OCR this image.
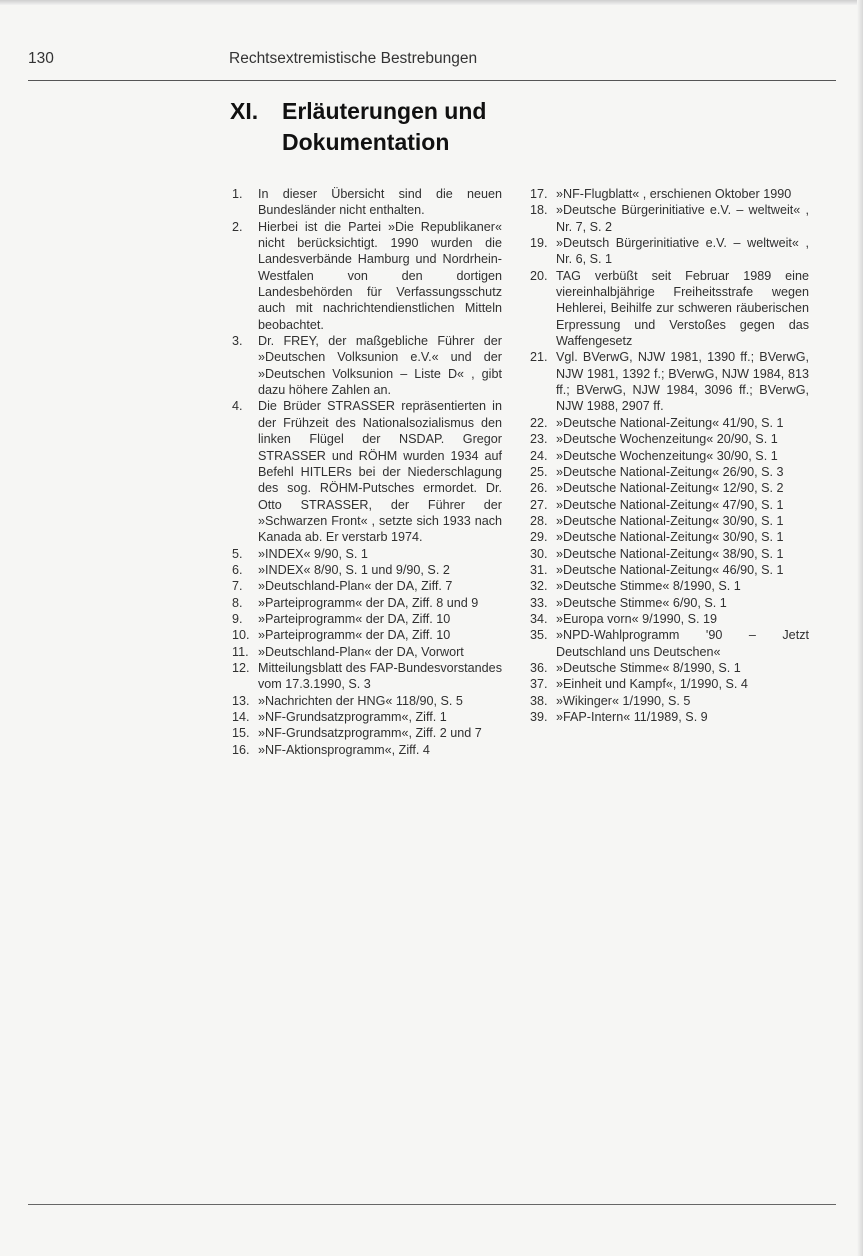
130	Rechtsextremistische Bestrebungen
XI. Erläuterungen und
Dokumentation
1 .	In dieser Übersicht sind die neuen Bundesländer nicht enthalten.
2 .	Hierbei ist die Partei »Die Republikaner« nicht berücksichtigt. 1990 wurden die Landesverbände Hamburg und Nordrhein-Westfalen von den dortigen Landesbehörden für Verfassungsschutz auch mit nachrichtendienstlichen Mitteln beobachtet.
3 .	Dr. FREY, der maßgebliche Führer der »Deutschen Volksunion e.V.« und der »Deutschen Volksunion – Liste D« , gibt dazu höhere Zahlen an.
4 .	Die Brüder STRASSER repräsentierten in der Frühzeit des Nationalsozialismus den linken Flügel der NSDAP. Gregor STRASSER und RÖHM wurden 1934 auf Befehl HITLERs bei der Niederschlagung des sog. RÖHM-Putsches ermordet. Dr. Otto STRASSER, der Führer der »Schwarzen Front« , setzte sich 1933 nach Kanada ab. Er verstarb 1974.
5 .	»INDEX« 9/90, S. 1
6 .	»INDEX« 8/90, S. 1 und 9/90, S. 2
7 .	»Deutschland-Plan« der DA, Ziff. 7
8 .	»Parteiprogramm« der DA, Ziff. 8 und 9
9 .	»Parteiprogramm« der DA, Ziff. 10
10 . »Parteiprogramm« der DA, Ziff. 10
11 .	»Deutschland-Plan« der DA, Vorwort
12 . Mitteilungsblatt des FAP-Bundesvorstandes vom 17.3.1990, S. 3
13 . »Nachrichten der HNG« 118/90, S. 5
14 . »NF-Grundsatzprogramm«, Ziff. 1
15 . »NF-Grundsatzprogramm«, Ziff. 2 und 7
16 . »NF-Aktionsprogramm«, Ziff. 4
17 . »NF-Flugblatt« , erschienen Oktober 1990
18 . »Deutsche Bürgerinitiative e.V. – weltweit« , Nr. 7, S. 2
19 . »Deutsch Bürgerinitiative e.V. – weltweit« , Nr. 6, S. 1
20 . TAG verbüßt seit Februar 1989 eine viereinhalbjährige Freiheitsstrafe wegen Hehlerei, Beihilfe zur schweren räuberischen Erpressung und Verstoßes gegen das Waffengesetz
21 . Vgl. BVerwG, NJW 1981, 1390 ff.; BVerwG, NJW 1981, 1392 f.; BVerwG, NJW 1984, 813 ff.; BVerwG, NJW 1984, 3096 ff.; BVerwG, NJW 1988, 2907 ff.
22 . »Deutsche National-Zeitung« 41/90, S. 1
23 . »Deutsche Wochenzeitung« 20/90, S. 1
24 . »Deutsche Wochenzeitung« 30/90, S. 1
25 . »Deutsche National-Zeitung« 26/90, S. 3
26 . »Deutsche National-Zeitung« 12/90, S. 2
27 . »Deutsche National-Zeitung« 47/90, S. 1
28 . »Deutsche National-Zeitung« 30/90, S. 1
29 . »Deutsche National-Zeitung« 30/90, S. 1
30 . »Deutsche National-Zeitung« 38/90, S. 1
31 . »Deutsche National-Zeitung« 46/90, S. 1
32 . »Deutsche Stimme« 8/1990, S. 1
33 . »Deutsche Stimme« 6/90, S. 1
34 . »Europa vorn« 9/1990, S. 19
35 . »NPD-Wahlprogramm '90 – Jetzt Deutschland uns Deutschen«
36 . »Deutsche Stimme« 8/1990, S. 1
37 . »Einheit und Kampf«, 1/1990, S. 4
38 . »Wikinger« 1/1990, S. 5
39 . »FAP-Intern« 11/1989, S. 9
